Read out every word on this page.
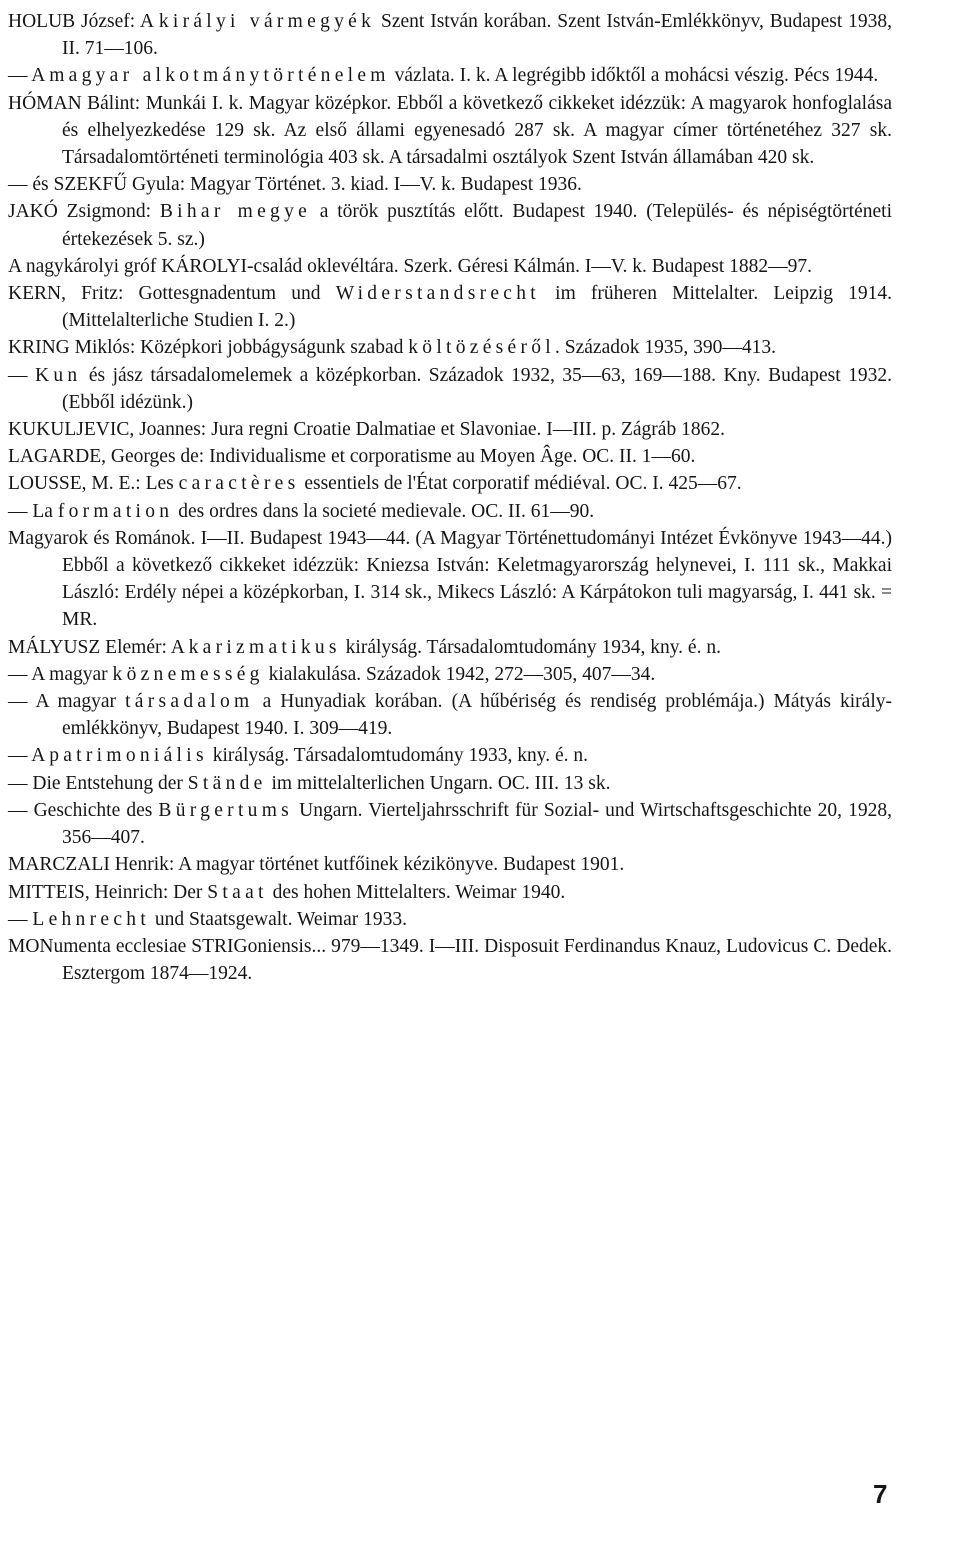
HOLUB József: A királyi vármegyék Szent István korában. Szent István-Emlékkönyv, Budapest 1938, II. 71—106.

— A magyar alkotmánytörténelem vázlata. I. k. A legrégibb időktől a mohácsi vészig. Pécs 1944.

HÓMAN Bálint: Munkái I. k. Magyar középkor. Ebből a következő cikkeket idézzük: A magyarok honfoglalása és elhelyezkedése 129 sk. Az első állami egyenesadó 287 sk. A magyar címer történetéhez 327 sk. Társadalomtörténeti terminológia 403 sk. A társadalmi osztályok Szent István államában 420 sk.

— és SZEKFŰ Gyula: Magyar Történet. 3. kiad. I—V. k. Budapest 1936.

JAKÓ Zsigmond: Bihar megye a török pusztítás előtt. Budapest 1940. (Település- és népiségtörténeti értekezések 5. sz.)

A nagykárolyi gróf KÁROLYI-család oklevéltára. Szerk. Géresi Kálmán. I—V. k. Budapest 1882—97.

KERN, Fritz: Gottesgnadentum und Widerstandsrecht im früheren Mittelalter. Leipzig 1914. (Mittelalterliche Studien I. 2.)

KRING Miklós: Középkori jobbágyságunk szabad költözéséről. Századok 1935, 390—413.

— Kun és jász társadalomelemek a középkorban. Századok 1932, 35—63, 169—188. Kny. Budapest 1932. (Ebből idézünk.)

KUKULJEVIC, Joannes: Jura regni Croatie Dalmatiae et Slavoniae. I—III. p. Zágráb 1862.

LAGARDE, Georges de: Individualisme et corporatisme au Moyen Âge. OC. II. 1—60.

LOUSSE, M. E.: Les caractères essentiels de l'État corporatif médiéval. OC. I. 425—67.

— La formation des ordres dans la societé medievale. OC. II. 61—90.

Magyarok és Románok. I—II. Budapest 1943—44. (A Magyar Történettudományi Intézet Évkönyve 1943—44.) Ebből a következő cikkeket idézzük: Kniezsa István: Keletmagyarország helynevei, I. 111 sk., Makkai László: Erdély népei a középkorban, I. 314 sk., Mikecs László: A Kárpátokon tuli magyarság, I. 441 sk. = MR.

MÁLYUSZ Elemér: A karizmatikus királyság. Társadalomtudomány 1934, kny. é. n.

— A magyar köznemesség kialakulása. Századok 1942, 272—305, 407—34.

— A magyar társadalom a Hunyadiak korában. (A hűbériség és rendiség problémája.) Mátyás király-emlékkönyv, Budapest 1940. I. 309—419.

— A patrimoniális királyság. Társadalomtudomány 1933, kny. é. n.

— Die Entstehung der Stände im mittelalterlichen Ungarn. OC. III. 13 sk.

— Geschichte des Bürgertums Ungarn. Vierteljahrsschrift für Sozial- und Wirtschaftsgeschichte 20, 1928, 356—407.

MARCZALI Henrik: A magyar történet kutfőinek kézikönyve. Budapest 1901.

MITTEIS, Heinrich: Der Staat des hohen Mittelalters. Weimar 1940.

— Lehnrecht und Staatsgewalt. Weimar 1933.

MONumenta ecclesiae STRIGoniensis... 979—1349. I—III. Disposuit Ferdinandus Knauz, Ludovicus C. Dedek. Esztergom 1874—1924.

7
